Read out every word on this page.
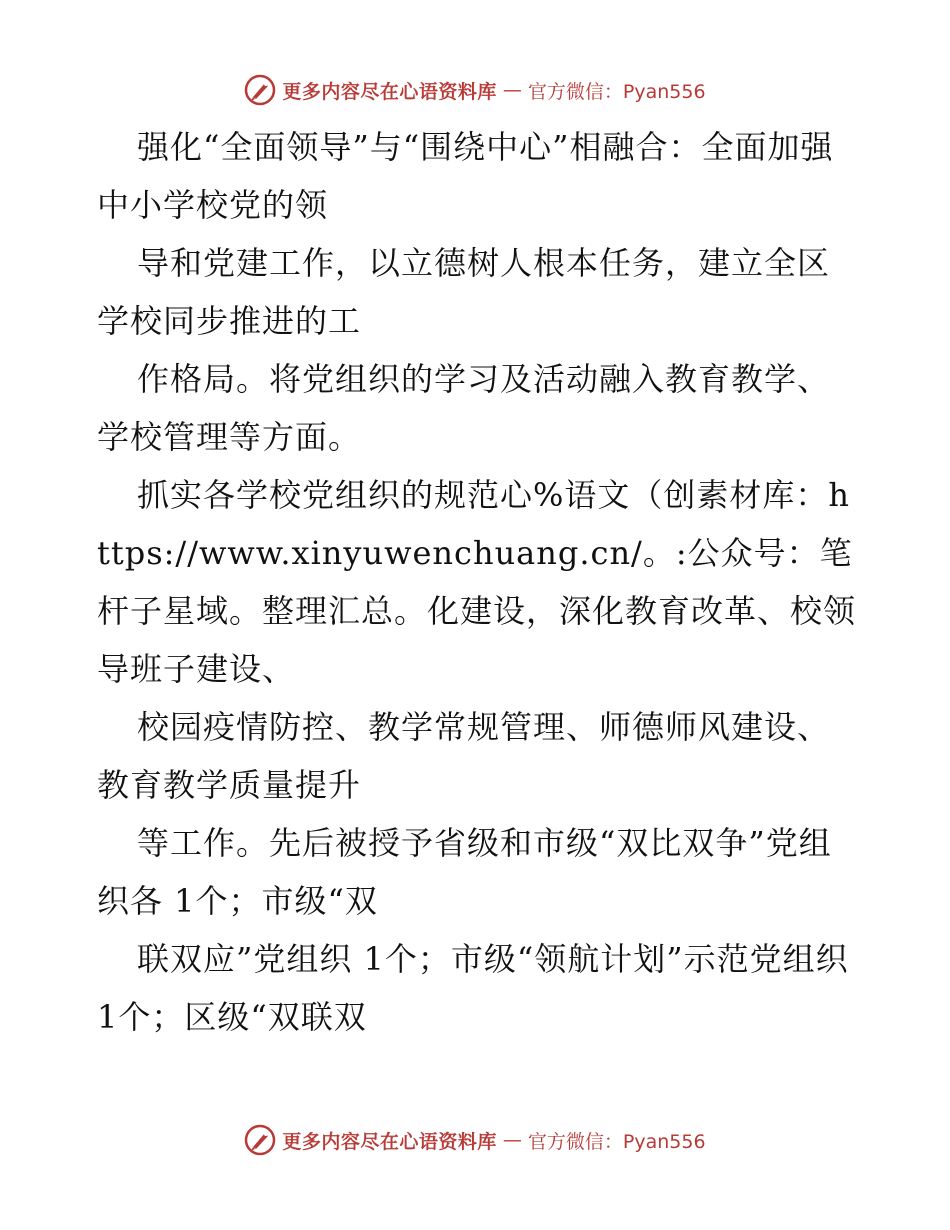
更多内容尽在心语资料库 — 官方微信：Pyan556

强化“全面领导”与“围绕中心”相融合：全面加强中小学校党的领

导和党建工作，以立德树人根本任务，建立全区学校同步推进的工

作格局。将党组织的学习及活动融入教育教学、学校管理等方面。

抓实各学校党组织的规范心%语文（创素材库：https://www.xinyuwenchuang.cn/。:公众号：笔杆子星域。整理汇总。化建设，深化教育改革、校领导班子建设、

校园疫情防控、教学常规管理、师德师风建设、教育教学质量提升

等工作。先后被授予省级和市级“双比双争”党组织各 1个；市级“双

联双应”党组织 1个；市级“领航计划”示范党组织 1个；区级“双联双

更多内容尽在心语资料库 — 官方微信：Pyan556
